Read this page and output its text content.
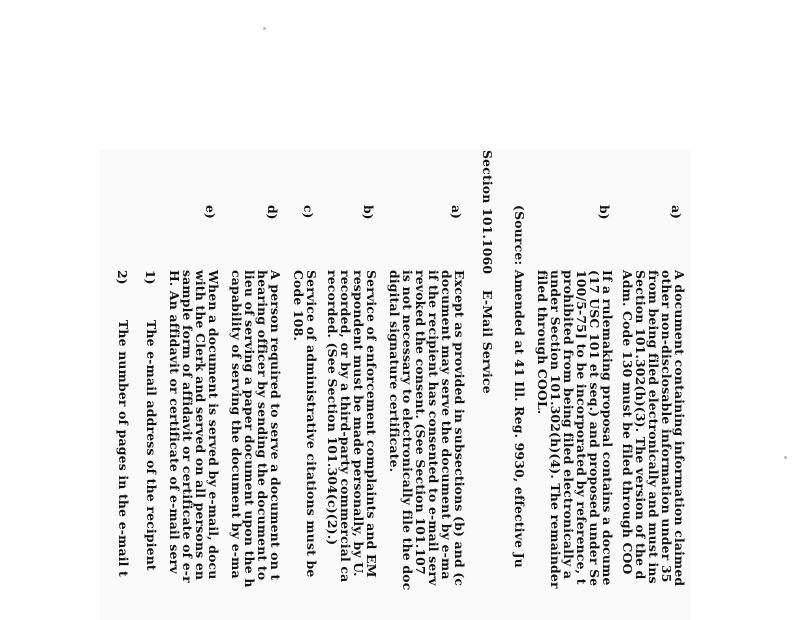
a)
A document containing information claimed
other non-disclosable information under 35
from being filed electronically and must ins
Section 101.302(h)(3). The version of the d
Adm. Code 130 must be filed through COO
b)
If a rulemaking proposal contains a docume
(17 USC 101 et seq.) and proposed under Se
100/5-75] to be incorporated by reference, t
prohibited from being filed electronically a
under Section 101.302(h)(4). The remainder
filed through COOL.
(Source: Amended at 41 Ill. Reg. 9930, effective Ju
Section 101.1060
E-Mail Service
a)
Except as provided in subsections (b) and (c
document may serve the document by e-ma
if the recipient has consented to e-mail serv
revoked the consent. (See Section 101.107
is not necessary to electronically file the doc
digital signature certificate.
b)
Service of enforcement complaints and EM
respondent must be made personally, by U.
recorded, or by a third-party commercial ca
recorded. (See Section 101.304(c)(2).)
c)
Service of administrative citations must be
Code 108.
d)
A person required to serve a document on t
hearing officer by sending the document to
lieu of serving a paper document upon the h
capability of serving the document by e-ma
e)
When a document is served by e-mail, docu
with the Clerk and served on all persons en
sample form of affidavit or certificate of e-r
H. An affidavit or certificate of e-mail serv
1)
The e-mail address of the recipient
2)
The number of pages in the e-mail t
